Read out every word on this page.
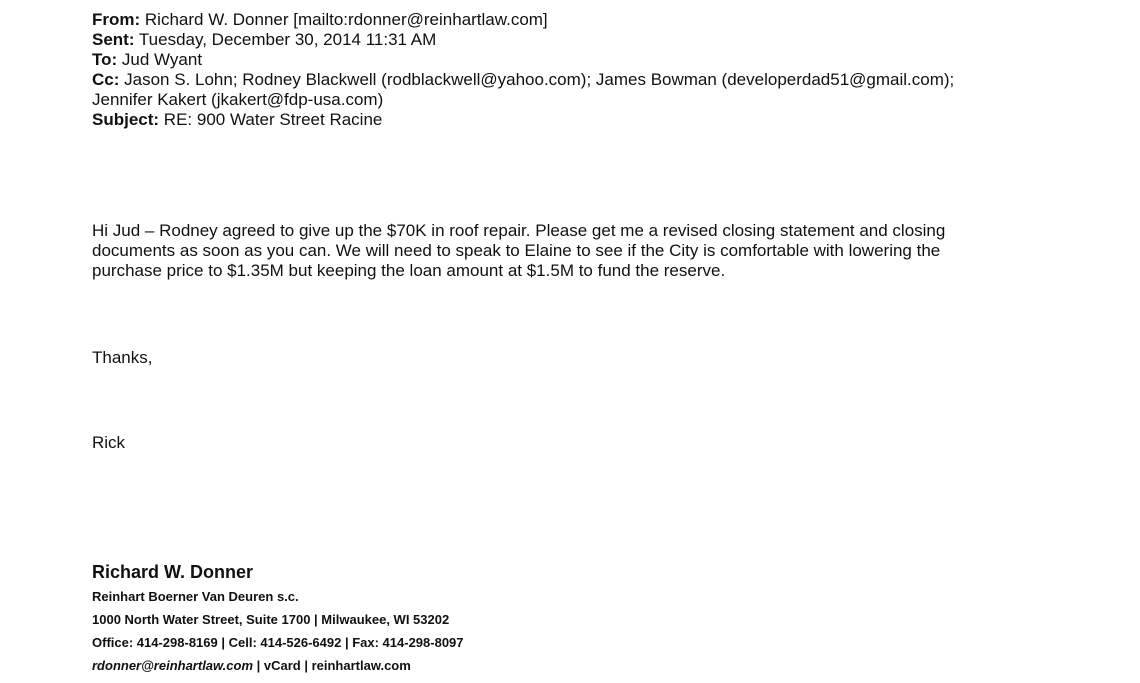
From: Richard W. Donner [mailto:rdonner@reinhartlaw.com]
Sent: Tuesday, December 30, 2014 11:31 AM
To: Jud Wyant
Cc: Jason S. Lohn; Rodney Blackwell (rodblackwell@yahoo.com); James Bowman (developerdad51@gmail.com);
Jennifer Kakert (jkakert@fdp-usa.com)
Subject: RE: 900 Water Street Racine
Hi Jud – Rodney agreed to give up the $70K in roof repair. Please get me a revised closing statement and closing
documents as soon as you can. We will need to speak to Elaine to see if the City is comfortable with lowering the
purchase price to $1.35M but keeping the loan amount at $1.5M to fund the reserve.
Thanks,
Rick
Richard W. Donner
Reinhart Boerner Van Deuren s.c.
1000 North Water Street, Suite 1700 | Milwaukee, WI 53202
Office: 414-298-8169 | Cell: 414-526-6492 | Fax: 414-298-8097
rdonner@reinhartlaw.com | vCard | reinhartlaw.com
